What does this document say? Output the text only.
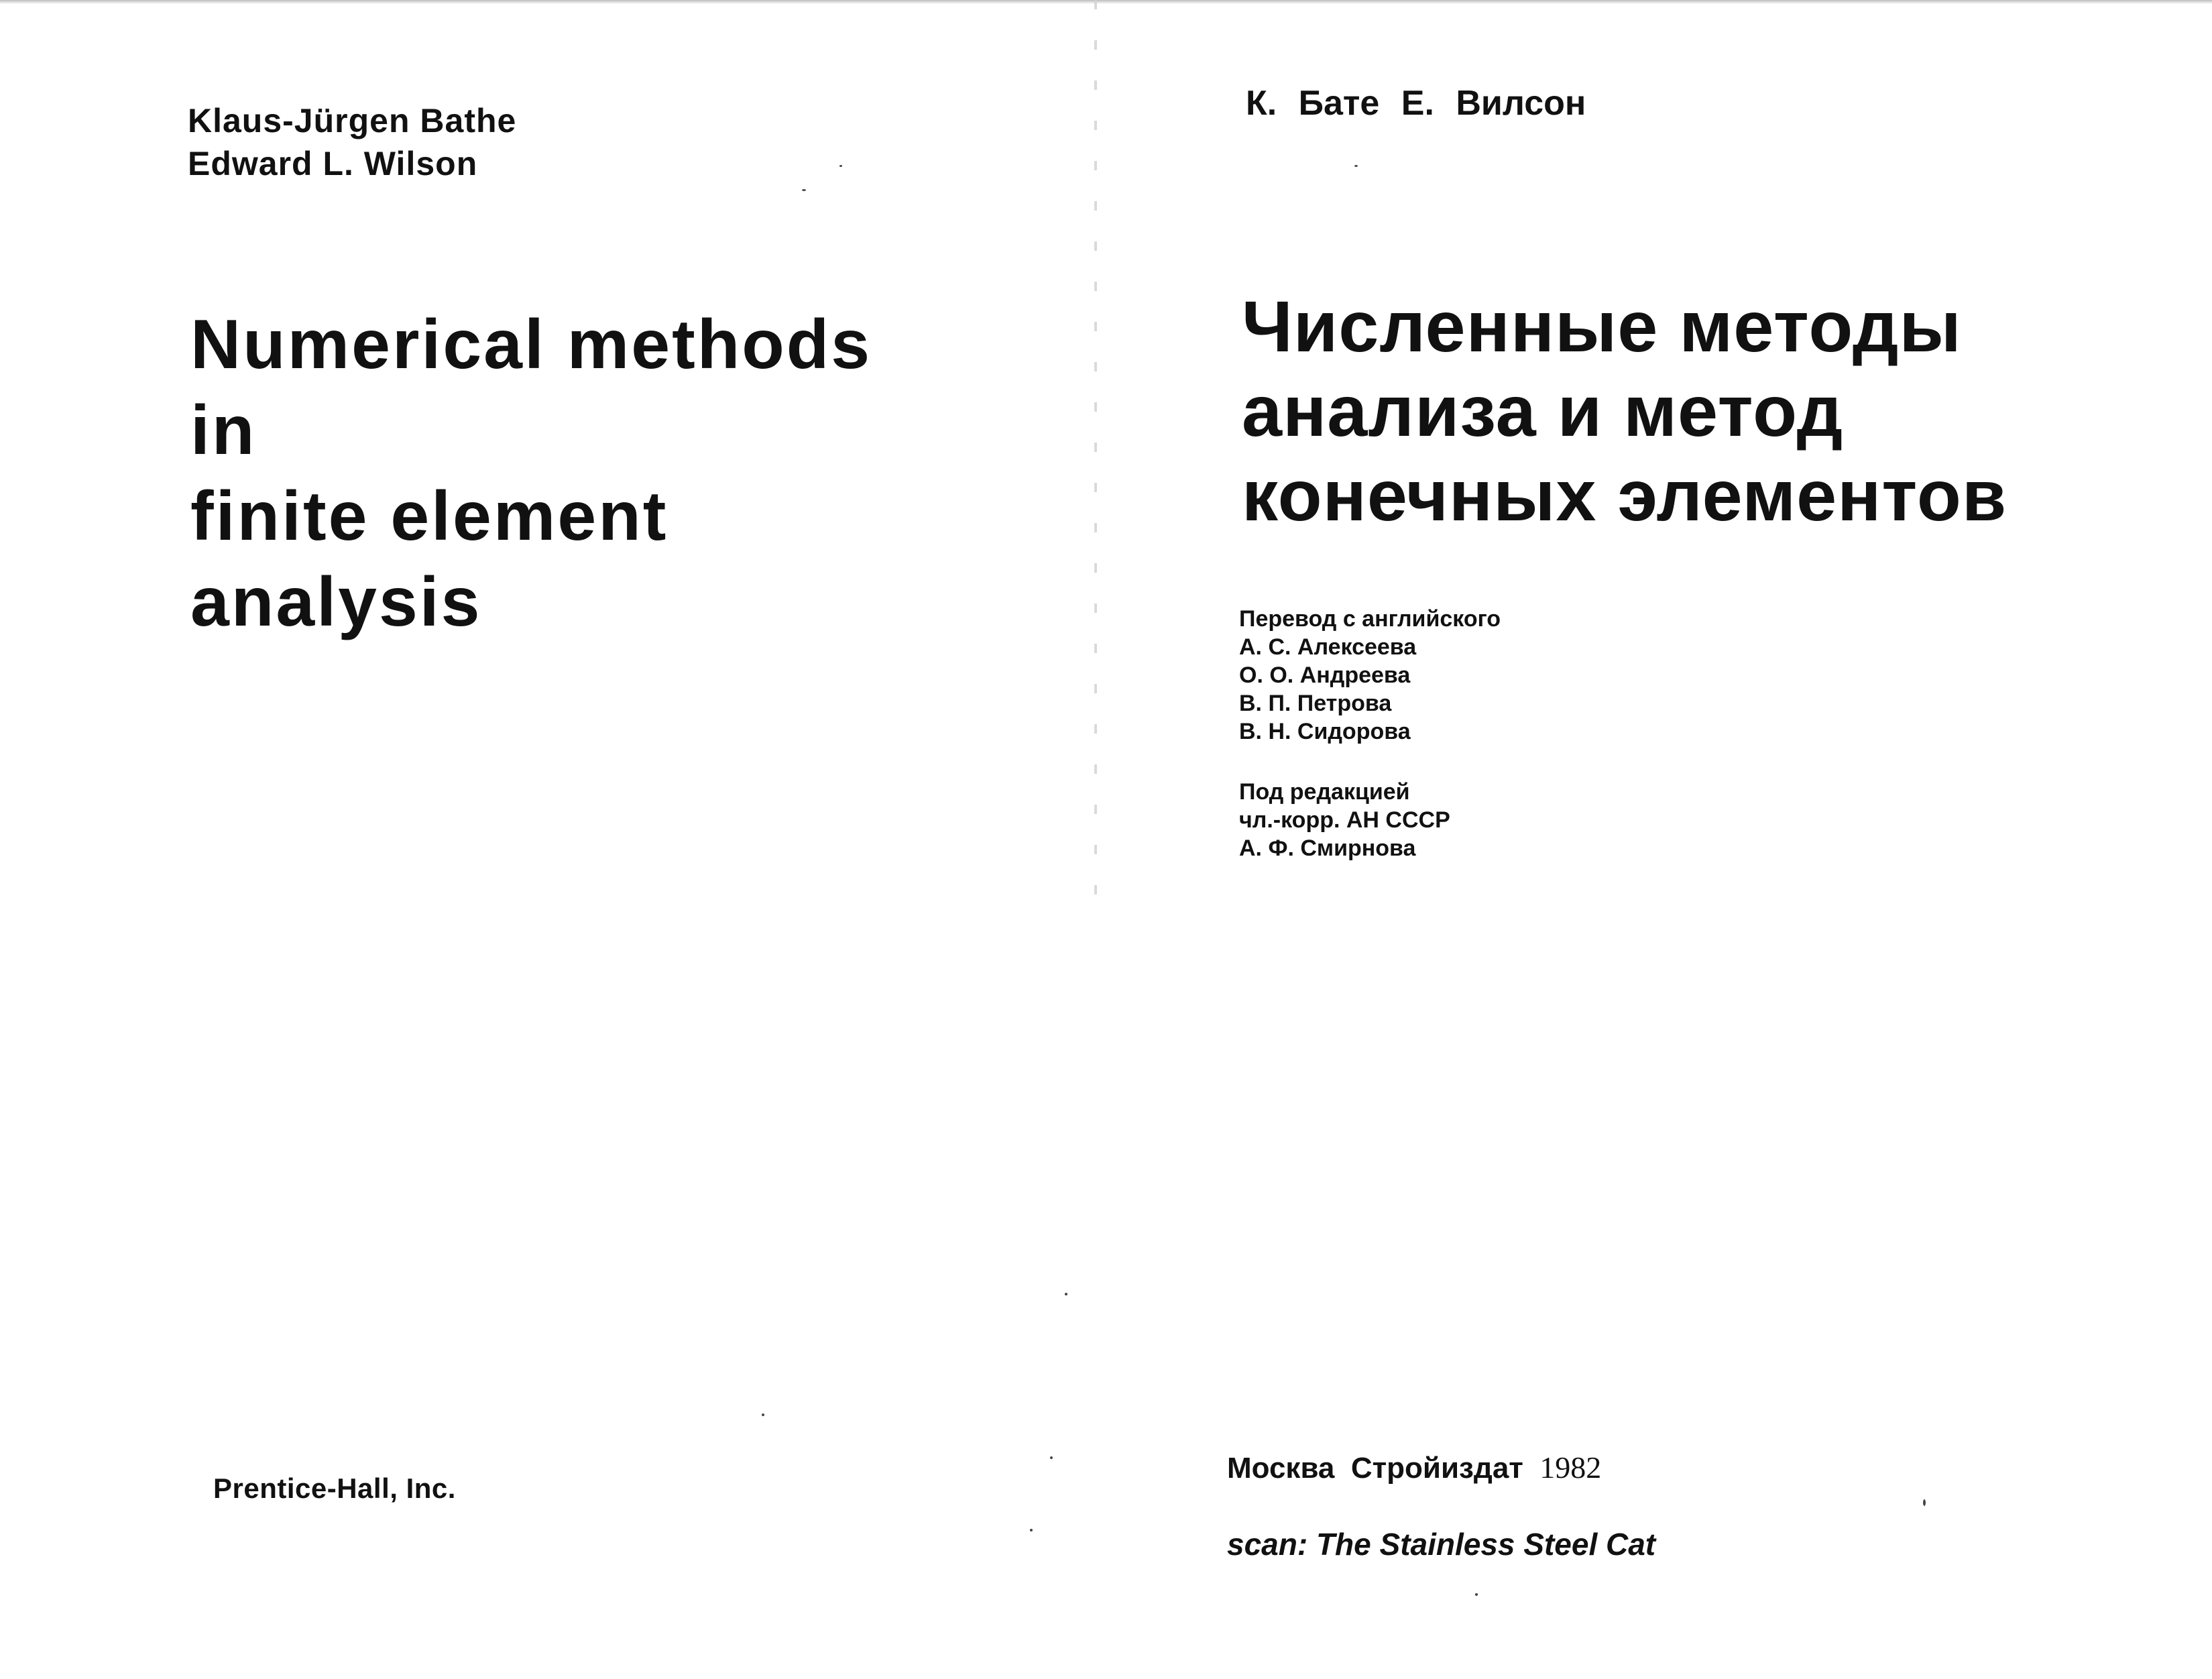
Klaus-Jürgen Bathe
Edward L. Wilson
Numerical methods
in
finite element
analysis
Prentice-Hall, Inc.
К. Бате Е. Вилсон
Численные методы
анализа и метод
конечных элементов
Перевод с английского
А. С. Алексеева
О. О. Андреева
В. П. Петрова
В. Н. Сидорова
Под редакцией
чл.-корр. АН СССР
А. Ф. Смирнова
Москва Стройиздат 1982
scan: The Stainless Steel Cat
